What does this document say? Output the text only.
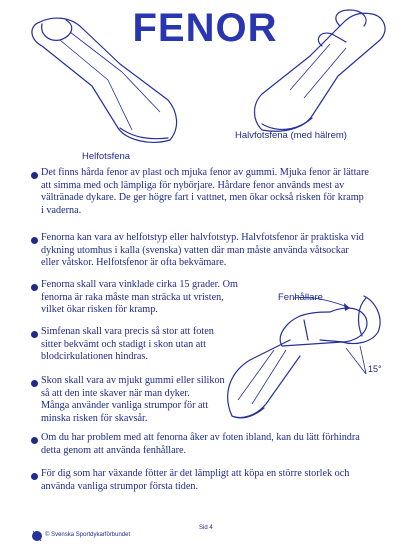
FENOR
Helfotsfena
Halvfotsfena (med hälrem)
Det finns hårda fenor av plast och mjuka fenor av gummi. Mjuka fenor är lättare
att simma med och lämpliga för nybörjare. Hårdare fenor används mest av
vältränade dykare. De ger högre fart i vattnet, men ökar också risken för kramp
i vaderna.
Fenorna kan vara av helfotstyp eller halvfotstyp. Halvfotsfenor är praktiska vid
dykning utomhus i kalla (svenska) vatten där man måste använda våtsockar
eller våtskor. Helfotsfenor är ofta bekvämare.
Fenorna skall vara vinklade cirka 15 grader. Om
fenorna är raka måste man sträcka ut vristen,
vilket ökar risken för kramp.
Simfenan skall vara precis så stor att foten
sitter bekvämt och stadigt i skon utan att
blodcirkulationen hindras.
Skon skall vara av mjukt gummi eller silikon
så att den inte skaver när man dyker.
Många använder vanliga strumpor för att
minska risken för skavsår.
15°
Fenhållare
Om du har problem med att fenorna åker av foten ibland, kan du lätt förhindra
detta genom att använda fenhållare.
För dig som har växande fötter är det lämpligt att köpa en större storlek och
använda vanliga strumpor första tiden.
Sid 4
© Svenska Sportdykarförbundet
